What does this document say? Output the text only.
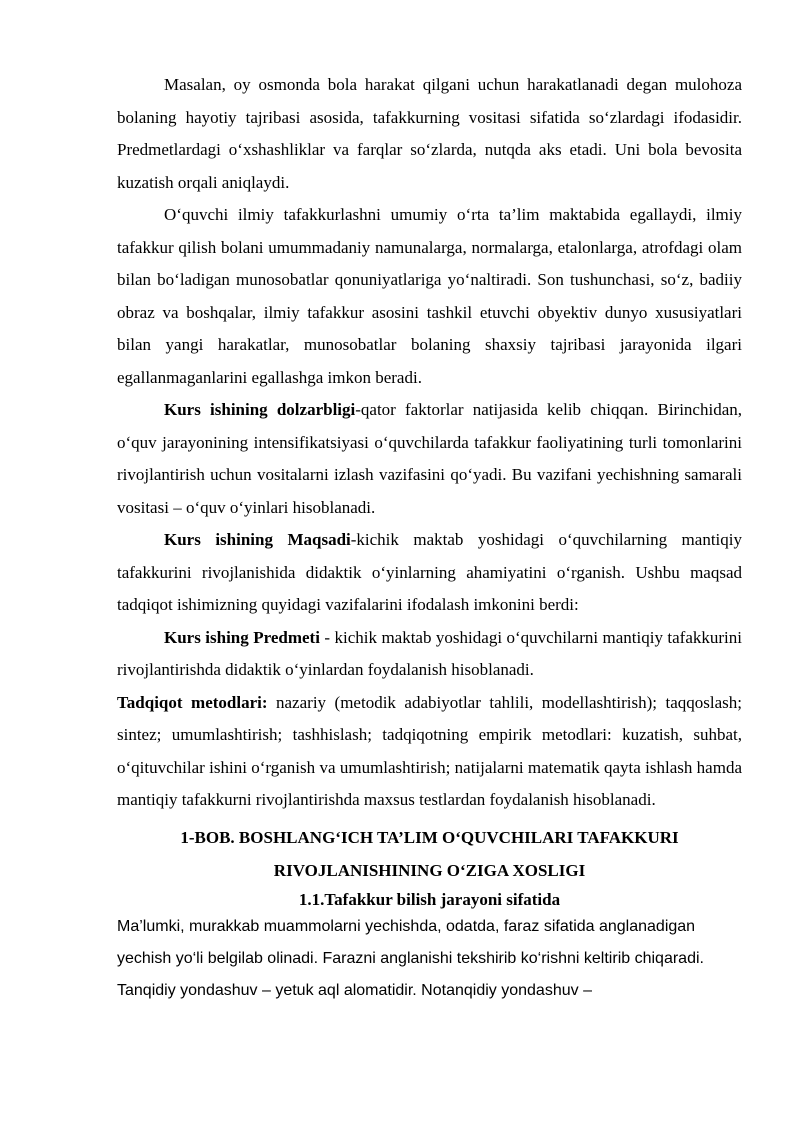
Masalan, oy osmonda bola harakat qilgani uchun harakatlanadi degan mulohoza bolaning hayotiy tajribasi asosida, tafakkurning vositasi sifatida so‘zlardagi ifodasidir. Predmetlardagi o‘xshashliklar va farqlar so‘zlarda, nutqda aks etadi. Uni bola bevosita kuzatish orqali aniqlaydi.

O‘quvchi ilmiy tafakkurlashni umumiy o‘rta ta’lim maktabida egallaydi, ilmiy tafakkur qilish bolani umummadaniy namunalarga, normalarga, etalonlarga, atrofdagi olam bilan bo‘ladigan munosobatlar qonuniyatlariga yo‘naltiradi. Son tushunchasi, so‘z, badiiy obraz va boshqalar, ilmiy tafakkur asosini tashkil etuvchi obyektiv dunyo xususiyatlari bilan yangi harakatlar, munosobatlar bolaning shaxsiy tajribasi jarayonida ilgari egallanmaganlarini egallashga imkon beradi.

Kurs ishining dolzarbligi-qator faktorlar natijasida kelib chiqqan. Birinchidan, o‘quv jarayonining intensifikatsiyasi o‘quvchilarda tafakkur faoliyatining turli tomonlarini rivojlantirish uchun vositalarni izlash vazifasini qo‘yadi. Bu vazifani yechishning samarali vositasi – o‘quv o‘yinlari hisoblanadi.

Kurs ishining Maqsadi-kichik maktab yoshidagi o‘quvchilarning mantiqiy tafakkurini rivojlanishida didaktik o‘yinlarning ahamiyatini o‘rganish. Ushbu maqsad tadqiqot ishimizning quyidagi vazifalarini ifodalash imkonini berdi:

Kurs ishing Predmeti - kichik maktab yoshidagi o‘quvchilarni mantiqiy tafakkurini rivojlantirishda didaktik o‘yinlardan foydalanish hisoblanadi.

Tadqiqot metodlari: nazariy (metodik adabiyotlar tahlili, modellashtirish); taqqoslash; sintez; umumlashtirish; tashhislash; tadqiqotning empirik metodlari: kuzatish, suhbat, o‘qituvchilar ishini o‘rganish va umumlashtirish; natijalarni matematik qayta ishlash hamda mantiqiy tafakkurni rivojlantirishda maxsus testlardan foydalanish hisoblanadi.

1-BOB. BOSHLANG‘ICH TA’LIM O‘QUVCHILARI TAFAKKURI
RIVOJLANISHINING O‘ZIGA XOSLIGI
1.1.Tafakkur bilish jarayoni sifatida

Ma’lumki, murakkab muammolarni yechishda, odatda, faraz sifatida anglanadigan yechish yo‘li belgilab olinadi. Farazni anglanishi tekshirib ko‘rishni keltirib chiqaradi. Tanqidiy yondashuv – yetuk aql alomatidir. Notanqidiy yondashuv –
